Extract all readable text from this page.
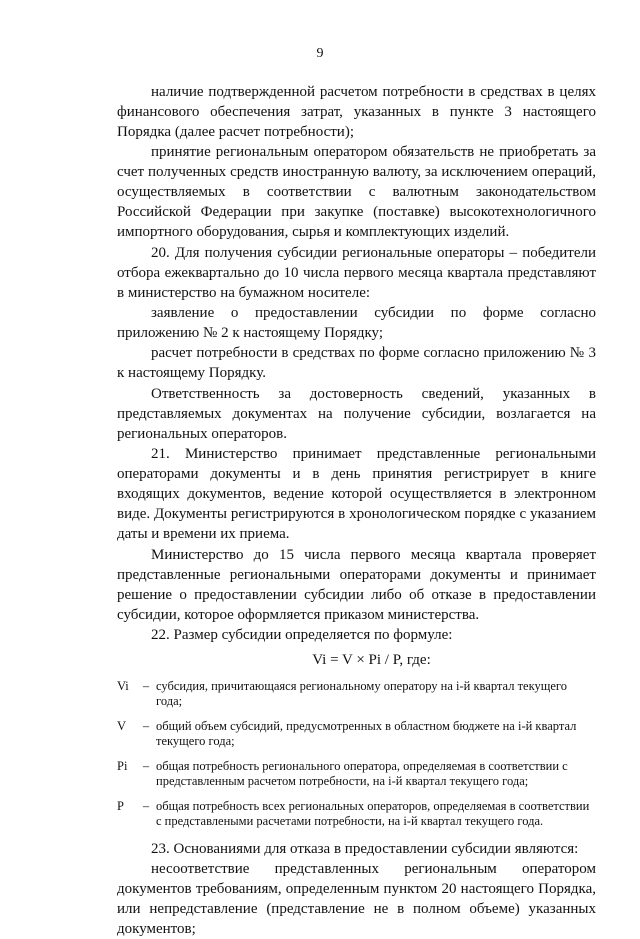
9

наличие подтвержденной расчетом потребности в средствах в целях финансового обеспечения затрат, указанных в пункте 3 настоящего Порядка (далее расчет потребности);

принятие региональным оператором обязательств не приобретать за счет полученных средств иностранную валюту, за исключением операций, осуществляемых в соответствии с валютным законодательством Российской Федерации при закупке (поставке) высокотехнологичного импортного оборудования, сырья и комплектующих изделий.

20. Для получения субсидии региональные операторы – победители отбора ежеквартально до 10 числа первого месяца квартала представляют в министерство на бумажном носителе:

заявление о предоставлении субсидии по форме согласно приложению № 2 к настоящему Порядку;

расчет потребности в средствах по форме согласно приложению № 3 к настоящему Порядку.

Ответственность за достоверность сведений, указанных в представляемых документах на получение субсидии, возлагается на региональных операторов.

21. Министерство принимает представленные региональными операторами документы и в день принятия регистрирует в книге входящих документов, ведение которой осуществляется в электронном виде. Документы регистрируются в хронологическом порядке с указанием даты и времени их приема.

Министерство до 15 числа первого месяца квартала проверяет представленные региональными операторами документы и принимает решение о предоставлении субсидии либо об отказе в предоставлении субсидии, которое оформляется приказом министерства.

22. Размер субсидии определяется по формуле:

Vi = V × Pi / P, где:
Vi	– субсидия, причитающаяся региональному оператору на i-й квартал текущего года;
V	– общий объем субсидий, предусмотренных в областном бюджете на i-й квартал текущего года;
Pi	– общая потребность регионального оператора, определяемая в соответствии с представленным расчетом потребности, на i-й квартал текущего года;
P	– общая потребность всех региональных операторов, определяемая в соответствии с представлеными расчетами потребности, на i-й квартал текущего года.

23. Основаниями для отказа в предоставлении субсидии являются:

несоответствие представленных региональным оператором документов требованиям, определенным пунктом 20 настоящего Порядка, или непредставление (представление не в полном объеме) указанных документов;
